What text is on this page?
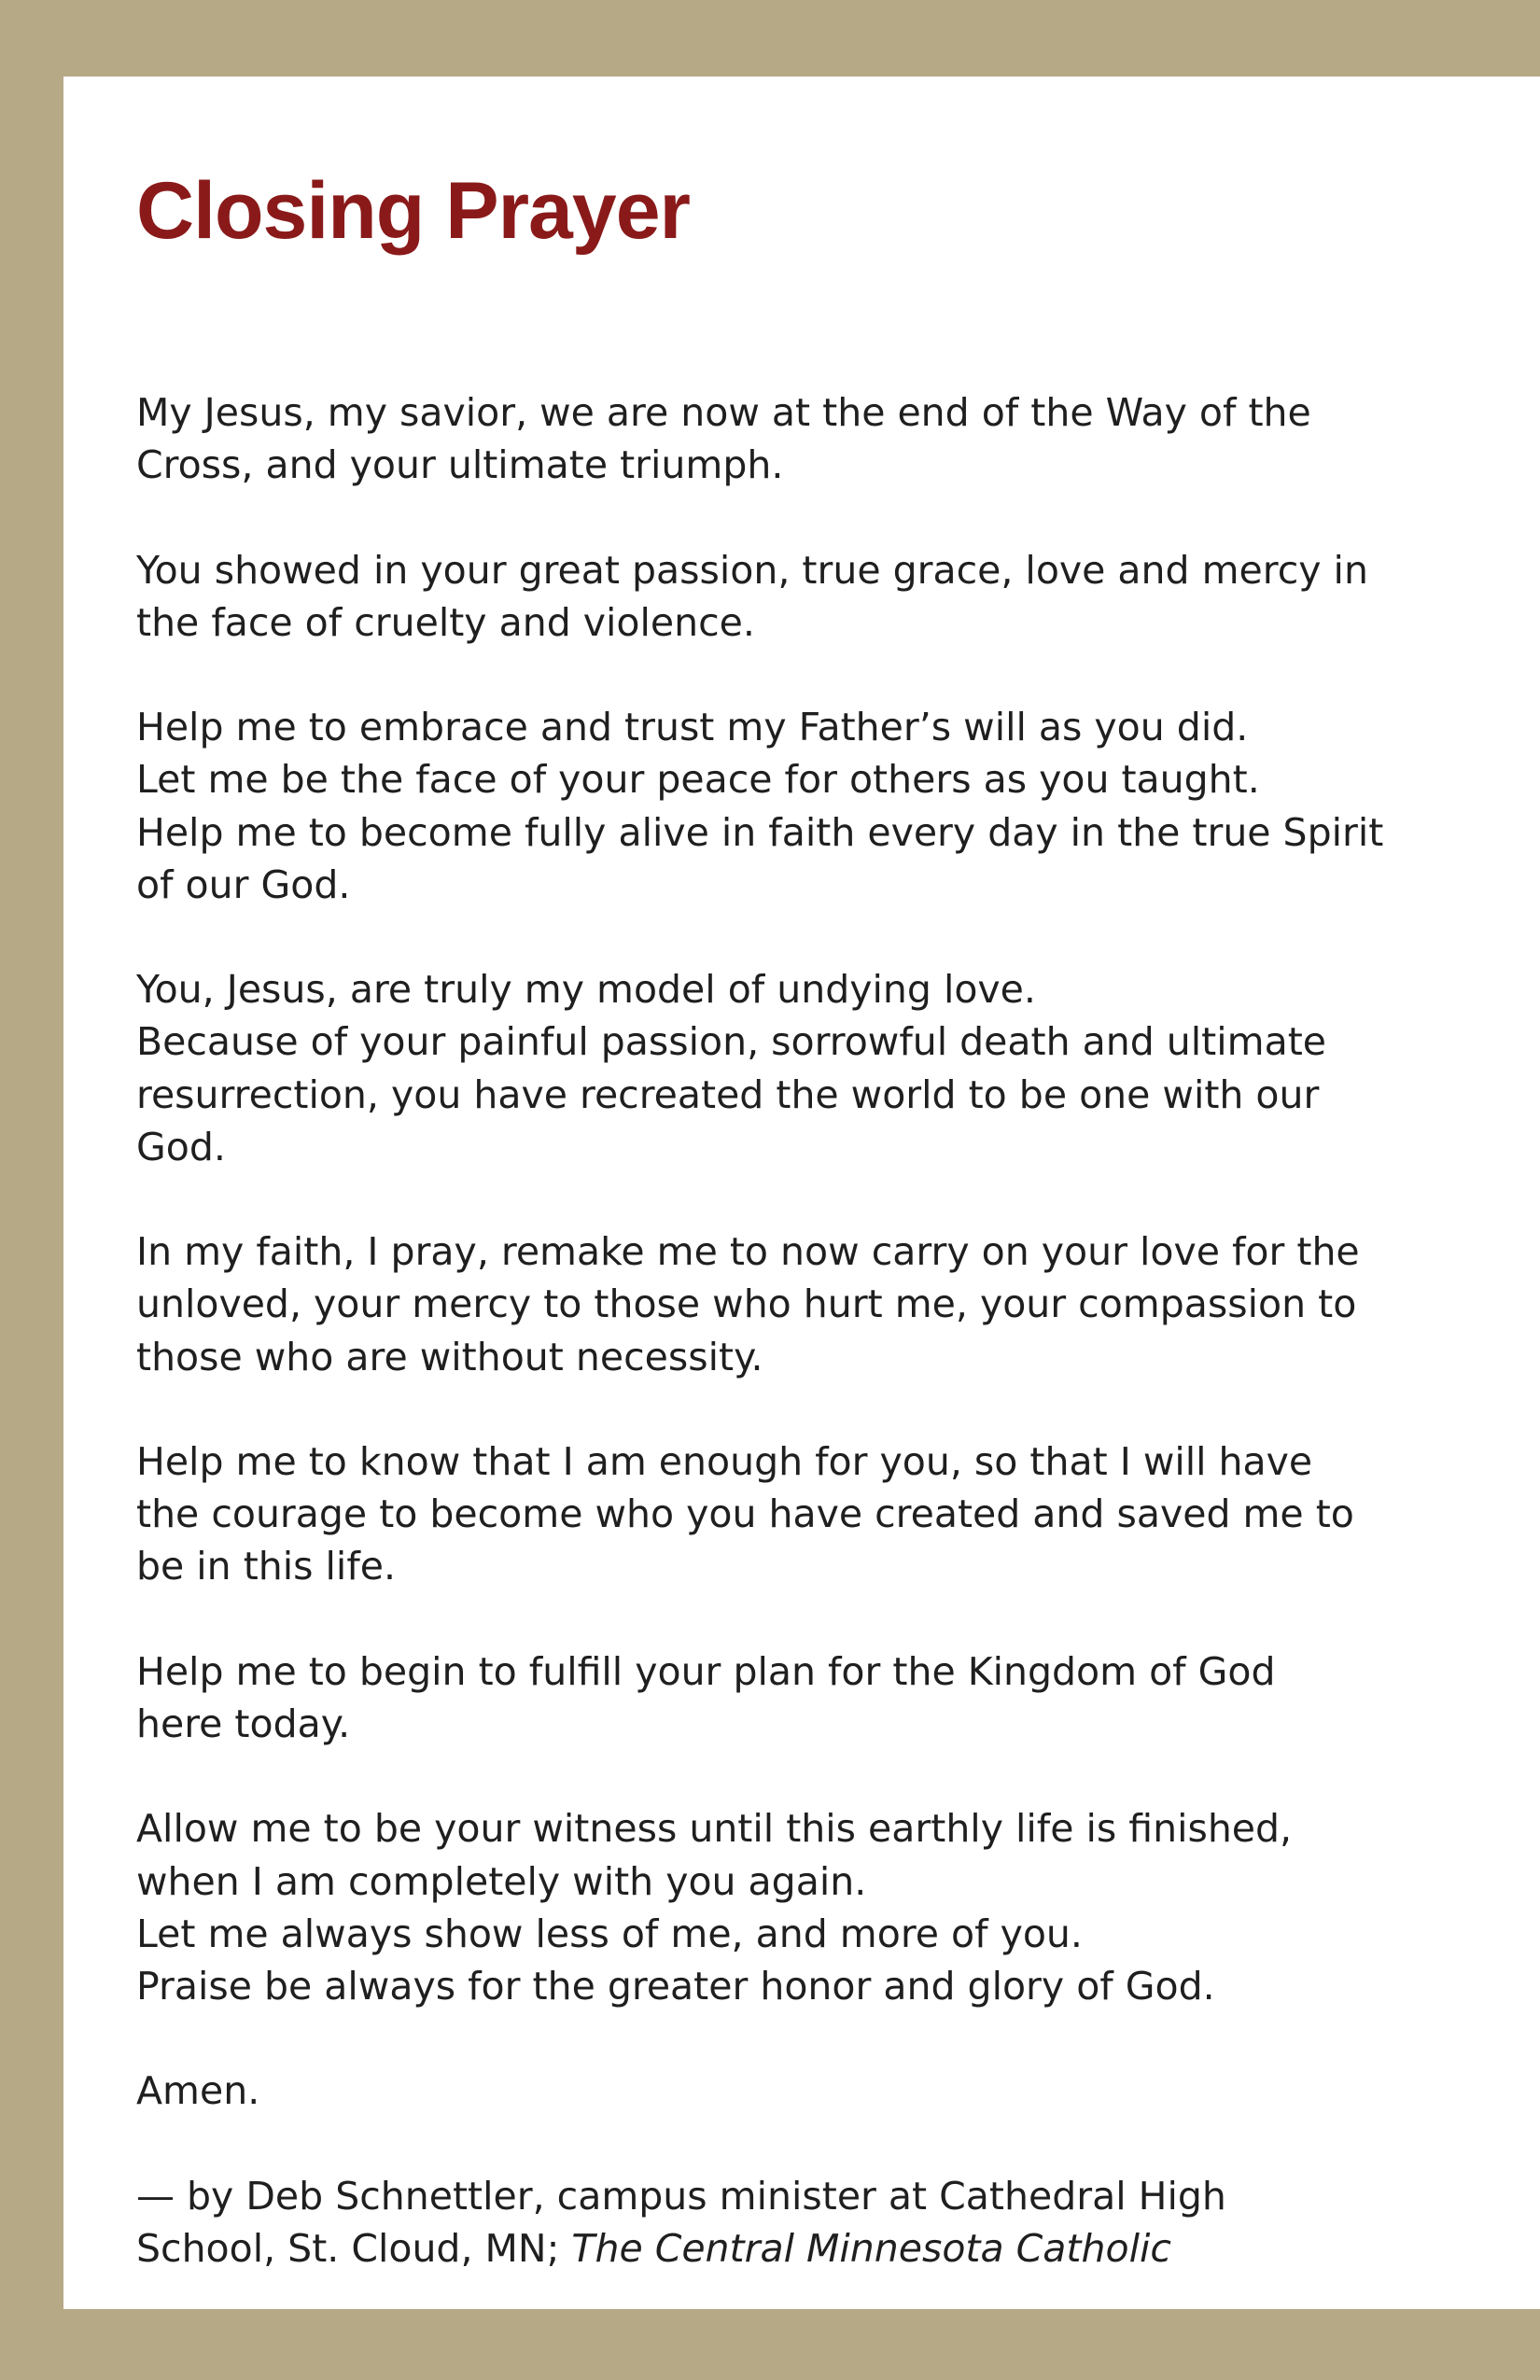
Closing Prayer

My Jesus, my savior, we are now at the end of the Way of the
Cross, and your ultimate triumph.

You showed in your great passion, true grace, love and mercy in
the face of cruelty and violence.

Help me to embrace and trust my Father’s will as you did.
Let me be the face of your peace for others as you taught.
Help me to become fully alive in faith every day in the true Spirit
of our God.

You, Jesus, are truly my model of undying love.
Because of your painful passion, sorrowful death and ultimate
resurrection, you have recreated the world to be one with our
God.

In my faith, I pray, remake me to now carry on your love for the
unloved, your mercy to those who hurt me, your compassion to
those who are without necessity.

Help me to know that I am enough for you, so that I will have
the courage to become who you have created and saved me to
be in this life.

Help me to begin to fulfill your plan for the Kingdom of God
here today.

Allow me to be your witness until this earthly life is finished,
when I am completely with you again.
Let me always show less of me, and more of you.
Praise be always for the greater honor and glory of God.

Amen.

— by Deb Schnettler, campus minister at Cathedral High
School, St. Cloud, MN; The Central Minnesota Catholic
